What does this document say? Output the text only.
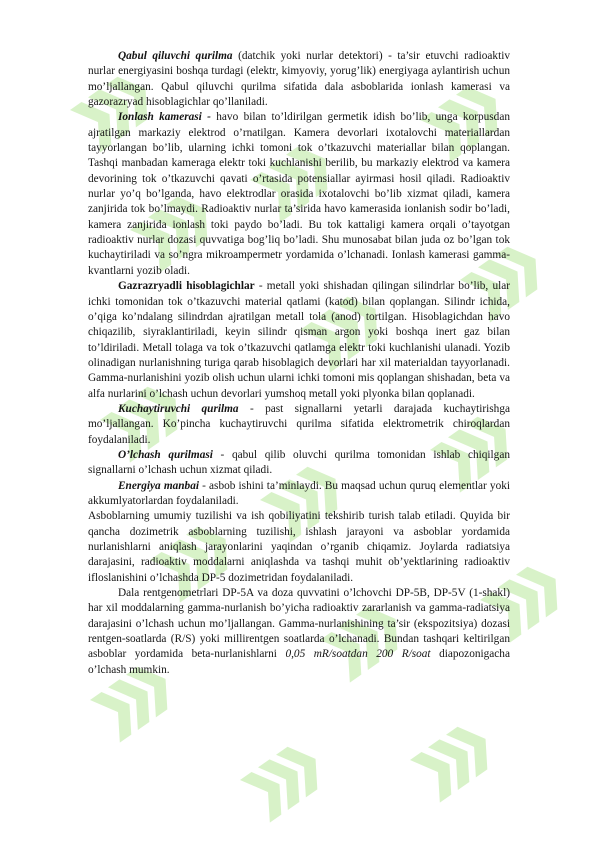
Qabul qiluvchi qurilma (datchik yoki nurlar detektori) - ta’sir etuvchi radioaktiv nurlar energiyasini boshqa turdagi (elektr, kimyoviy, yorug’lik) energiyaga aylantirish uchun mo’ljallangan. Qabul qiluvchi qurilma sifatida dala asboblarida ionlash kamerasi va gazorazryad hisoblagichlar qo’llaniladi.

Ionlash kamerasi - havo bilan to’ldirilgan germetik idish bo’lib, unga korpusdan ajratilgan markaziy elektrod o’rnatilgan. Kamera devorlari ixotalovchi materiallardan tayyorlangan bo’lib, ularning ichki tomoni tok o’tkazuvchi materiallar bilan qoplangan. Tashqi manbadan kameraga elektr toki kuchlanishi berilib, bu markaziy elektrod va kamera devorining tok o’tkazuvchi qavati o’rtasida potensiallar ayirmasi hosil qiladi. Radioaktiv nurlar yo’q bo’lganda, havo elektrodlar orasida ixotalovchi bo’lib xizmat qiladi, kamera zanjirida tok bo’lmaydi. Radioaktiv nurlar ta’sirida havo kamerasida ionlanish sodir bo’ladi, kamera zanjirida ionlash toki paydo bo’ladi. Bu tok kattaligi kamera orqali o’tayotgan radioaktiv nurlar dozasi quvvatiga bog’liq bo’ladi. Shu munosabat bilan juda oz bo’lgan tok kuchaytiriladi va so’ngra mikroampermetr yordamida o’lchanadi. Ionlash kamerasi gamma-kvantlarni yozib oladi.

Gazrazryadli hisoblagichlar - metall yoki shishadan qilingan silindrlar bo’lib, ular ichki tomonidan tok o’tkazuvchi material qatlami (katod) bilan qoplangan. Silindr ichida, o’qiga ko’ndalang silindrdan ajratilgan metall tola (anod) tortilgan. Hisoblagichdan havo chiqazilib, siyraklantiriladi, keyin silindr qisman argon yoki boshqa inert gaz bilan to’ldiriladi. Metall tolaga va tok o’tkazuvchi qatlamga elektr toki kuchlanishi ulanadi. Yozib olinadigan nurlanishning turiga qarab hisoblagich devorlari har xil materialdan tayyorlanadi. Gamma-nurlanishini yozib olish uchun ularni ichki tomoni mis qoplangan shishadan, beta va alfa nurlarini o’lchash uchun devorlari yumshoq metall yoki plyonka bilan qoplanadi.

Kuchaytiruvchi qurilma - past signallarni yetarli darajada kuchaytirishga mo’ljallangan. Ko’pincha kuchaytiruvchi qurilma sifatida elektrometrik chiroqlardan foydalaniladi.

O’lchash qurilmasi - qabul qilib oluvchi qurilma tomonidan ishlab chiqilgan signallarni o’lchash uchun xizmat qiladi.

Energiya manbai - asbob ishini ta’minlaydi. Bu maqsad uchun quruq elementlar yoki akkumlyatorlardan foydalaniladi.

Asboblarning umumiy tuzilishi va ish qobiliyatini tekshirib turish talab etiladi. Quyida bir qancha dozimetrik asboblarning tuzilishi, ishlash jarayoni va asboblar yordamida nurlanishlarni aniqlash jarayonlarini yaqindan o’rganib chiqamiz. Joylarda radiatsiya darajasini, radioaktiv moddalarni aniqlashda va tashqi muhit ob’yektlarining radioaktiv ifloslanishini o’lchashda DP-5 dozimetridan foydalaniladi.

Dala rentgenometrlari DP-5A va doza quvvatini o’lchovchi DP-5B, DP-5V (1-shakl) har xil moddalarning gamma-nurlanish bo’yicha radioaktiv zararlanish va gamma-radiatsiya darajasini o’lchash uchun mo’ljallangan. Gamma-nurlanishining ta’sir (ekspozitsiya) dozasi rentgen-soatlarda (R/S) yoki millirentgen soatlarda o’lchanadi. Bundan tashqari keltirilgan asboblar yordamida beta-nurlanishlarni 0,05 mR/soatdan 200 R/soat diapozonigacha o’lchash mumkin.
